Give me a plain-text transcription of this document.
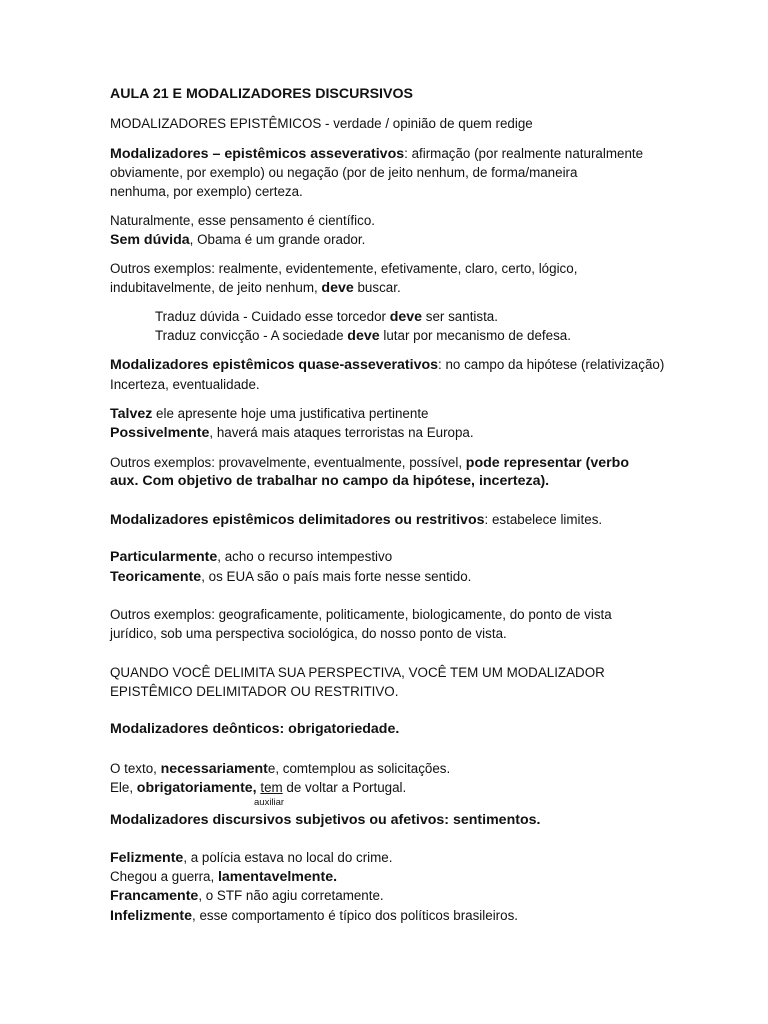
AULA 21 E MODALIZADORES DISCURSIVOS
MODALIZADORES EPISTÊMICOS - verdade / opinião de quem redige
Modalizadores – epistêmicos asseverativos: afirmação (por realmente naturalmente
obviamente, por exemplo) ou negação (por de jeito nenhum, de forma/maneira
nenhuma, por exemplo) certeza.
Naturalmente, esse pensamento é científico.
Sem dúvida, Obama é um grande orador.
Outros exemplos: realmente, evidentemente, efetivamente, claro, certo, lógico,
indubitavelmente, de jeito nenhum, deve buscar.
Traduz dúvida - Cuidado esse torcedor deve ser santista.
Traduz convicção - A sociedade deve lutar por mecanismo de defesa.
Modalizadores epistêmicos quase-asseverativos: no campo da hipótese (relativização)
Incerteza, eventualidade.
Talvez ele apresente hoje uma justificativa pertinente
Possivelmente, haverá mais ataques terroristas na Europa.
Outros exemplos: provavelmente, eventualmente, possível, pode representar (verbo
aux. Com objetivo de trabalhar no campo da hipótese, incerteza).
Modalizadores epistêmicos delimitadores ou restritivos: estabelece limites.
Particularmente, acho o recurso intempestivo
Teoricamente, os EUA são o país mais forte nesse sentido.
Outros exemplos: geograficamente, politicamente, biologicamente, do ponto de vista
jurídico, sob uma perspectiva sociológica, do nosso ponto de vista.
QUANDO VOCÊ DELIMITA SUA PERSPECTIVA, VOCÊ TEM UM MODALIZADOR
EPISTÊMICO DELIMITADOR OU RESTRITIVO.
Modalizadores deônticos: obrigatoriedade.
O texto, necessariamente, comtemplou as solicitações.
Ele, obrigatoriamente, tem de voltar a Portugal.
auxiliar
Modalizadores discursivos subjetivos ou afetivos: sentimentos.
Felizmente, a polícia estava no local do crime.
Chegou a guerra, lamentavelmente.
Francamente, o STF não agiu corretamente.
Infelizmente, esse comportamento é típico dos políticos brasileiros.
